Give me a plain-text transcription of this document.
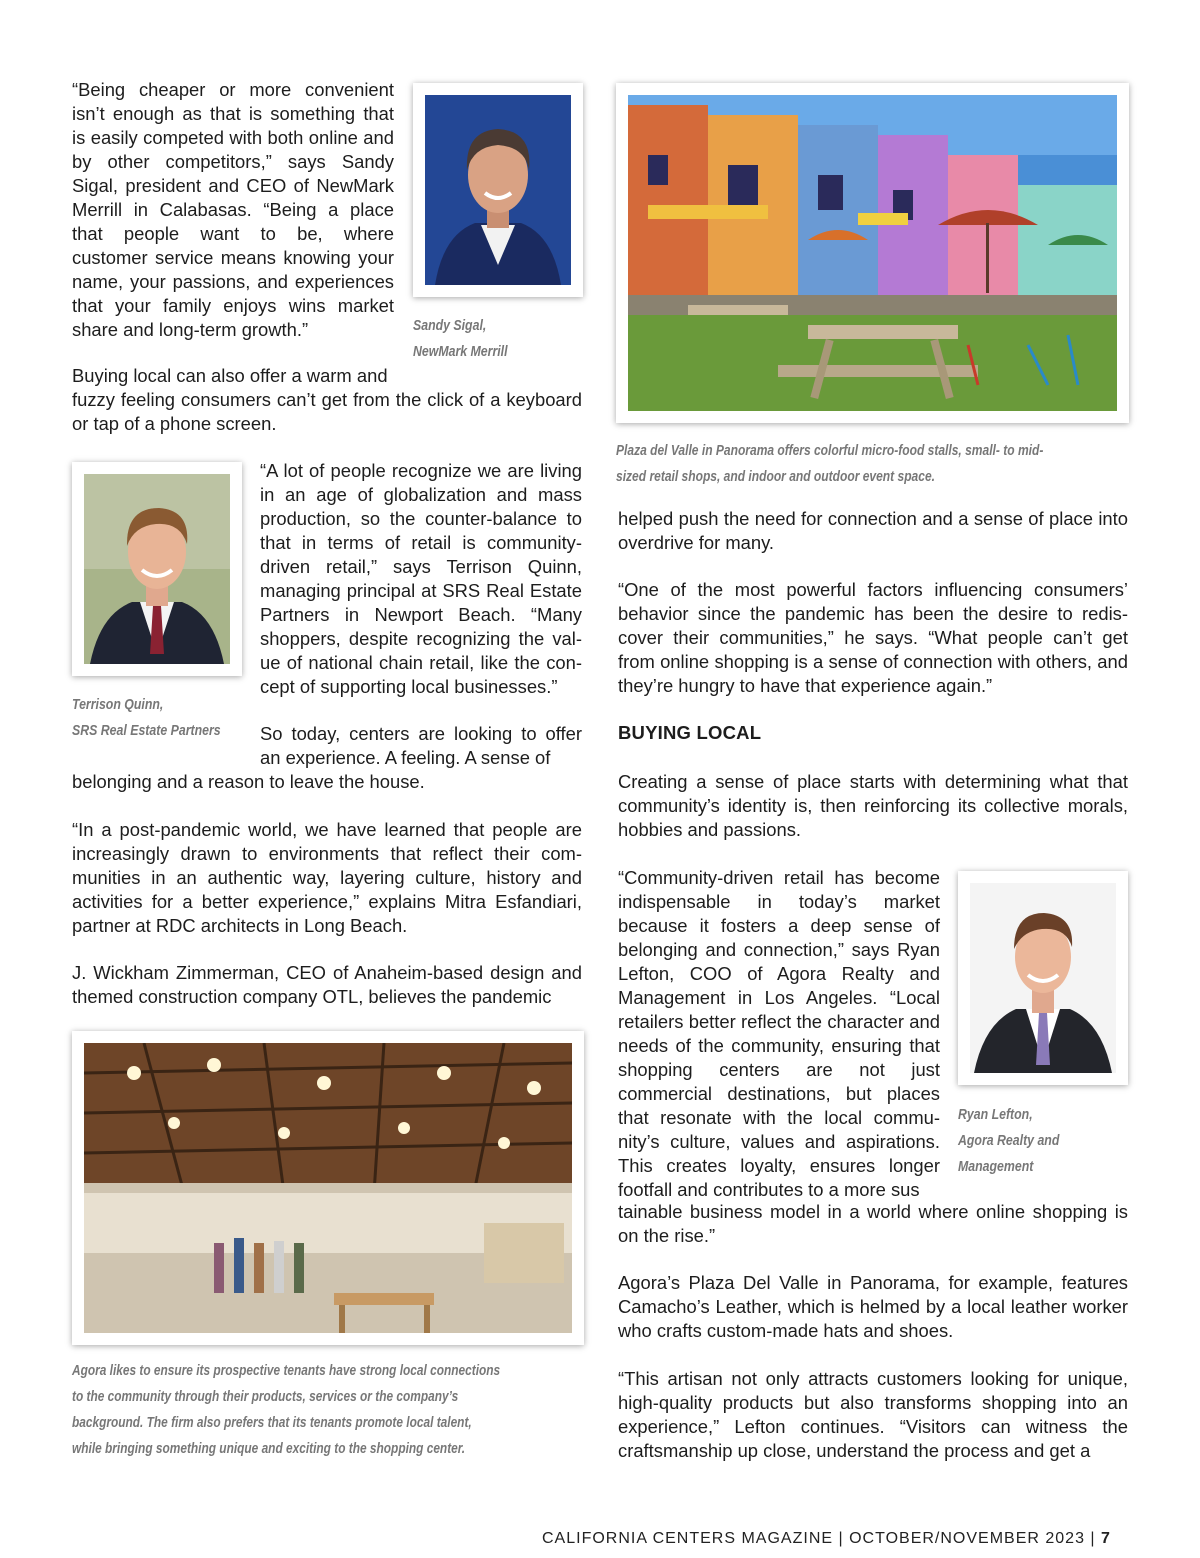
“Being cheaper or more convenient isn’t enough as that is something that is easily competed with both online and by other competitors,” says Sandy Sigal, president and CEO of NewMark Merrill in Calabasas. “Being a place that people want to be, where customer service means knowing your name, your passions, and experiences that your family enjoys wins market share and long-term growth.”	Sandy Sigal,
NewMark Merrill

Buying local can also offer a warm and

fuzzy feeling consumers can’t get from the click of a keyboard or tap of a phone screen.

Terrison Quinn,
SRS Real Estate Partners

“A lot of people recognize we are living in an age of globalization and mass production, so the counter-balance to that in terms of retail is community-driven retail,” says Terrison Quinn, managing principal at SRS Real Estate Partners in Newport Beach. “Many shoppers, despite recognizing the value of national chain retail, like the concept of supporting local businesses.”

So today, centers are looking to offer an experience. A feeling. A sense of

belonging and a reason to leave the house.

“In a post-pandemic world, we have learned that people are increasingly drawn to environments that reflect their communities in an authentic way, layering culture, history and activities for a better experience,” explains Mitra Esfandiari, partner at RDC architects in Long Beach.

J. Wickham Zimmerman, CEO of Anaheim-based design and themed construction company OTL, believes the pandemic

Agora likes to ensure its prospective tenants have strong local connections
to the community through their products, services or the company’s
background. The firm also prefers that its tenants promote local talent,
while bringing something unique and exciting to the shopping center.
Plaza del Valle in Panorama offers colorful micro-food stalls, small- to mid-
sized retail shops, and indoor and outdoor event space.

helped push the need for connection and a sense of place into overdrive for many.

“One of the most powerful factors influencing consumers’ behavior since the pandemic has been the desire to rediscover their communities,” he says. “What people can’t get from online shopping is a sense of connection with others, and they’re hungry to have that experience again.”

BUYING LOCAL

Creating a sense of place starts with determining what that community’s identity is, then reinforcing its collective morals, hobbies and passions.

“Community-driven retail has become indispensable in today’s market because it fosters a deep sense of belonging and connection,” says Ryan Lefton, COO of Agora Realty and Management in Los Angeles. “Local retailers better reflect the character and needs of the community, ensuring that shopping centers are not just commercial destinations, but places that resonate with the local community’s culture, values and aspirations. This creates loyalty, ensures longer footfall and contributes to a more sus

tainable business model in a world where online shopping is on the rise.”

Ryan Lefton,
Agora Realty and
Management

Agora’s Plaza Del Valle in Panorama, for example, features Camacho’s Leather, which is helmed by a local leather worker who crafts custom-made hats and shoes.

“This artisan not only attracts customers looking for unique, high-quality products but also transforms shopping into an experience,” Lefton continues. “Visitors can witness the craftsmanship up close, understand the process and get a

CALIFORNIA CENTERS MAGAZINE | OCTOBER/NOVEMBER 2023 | 7
